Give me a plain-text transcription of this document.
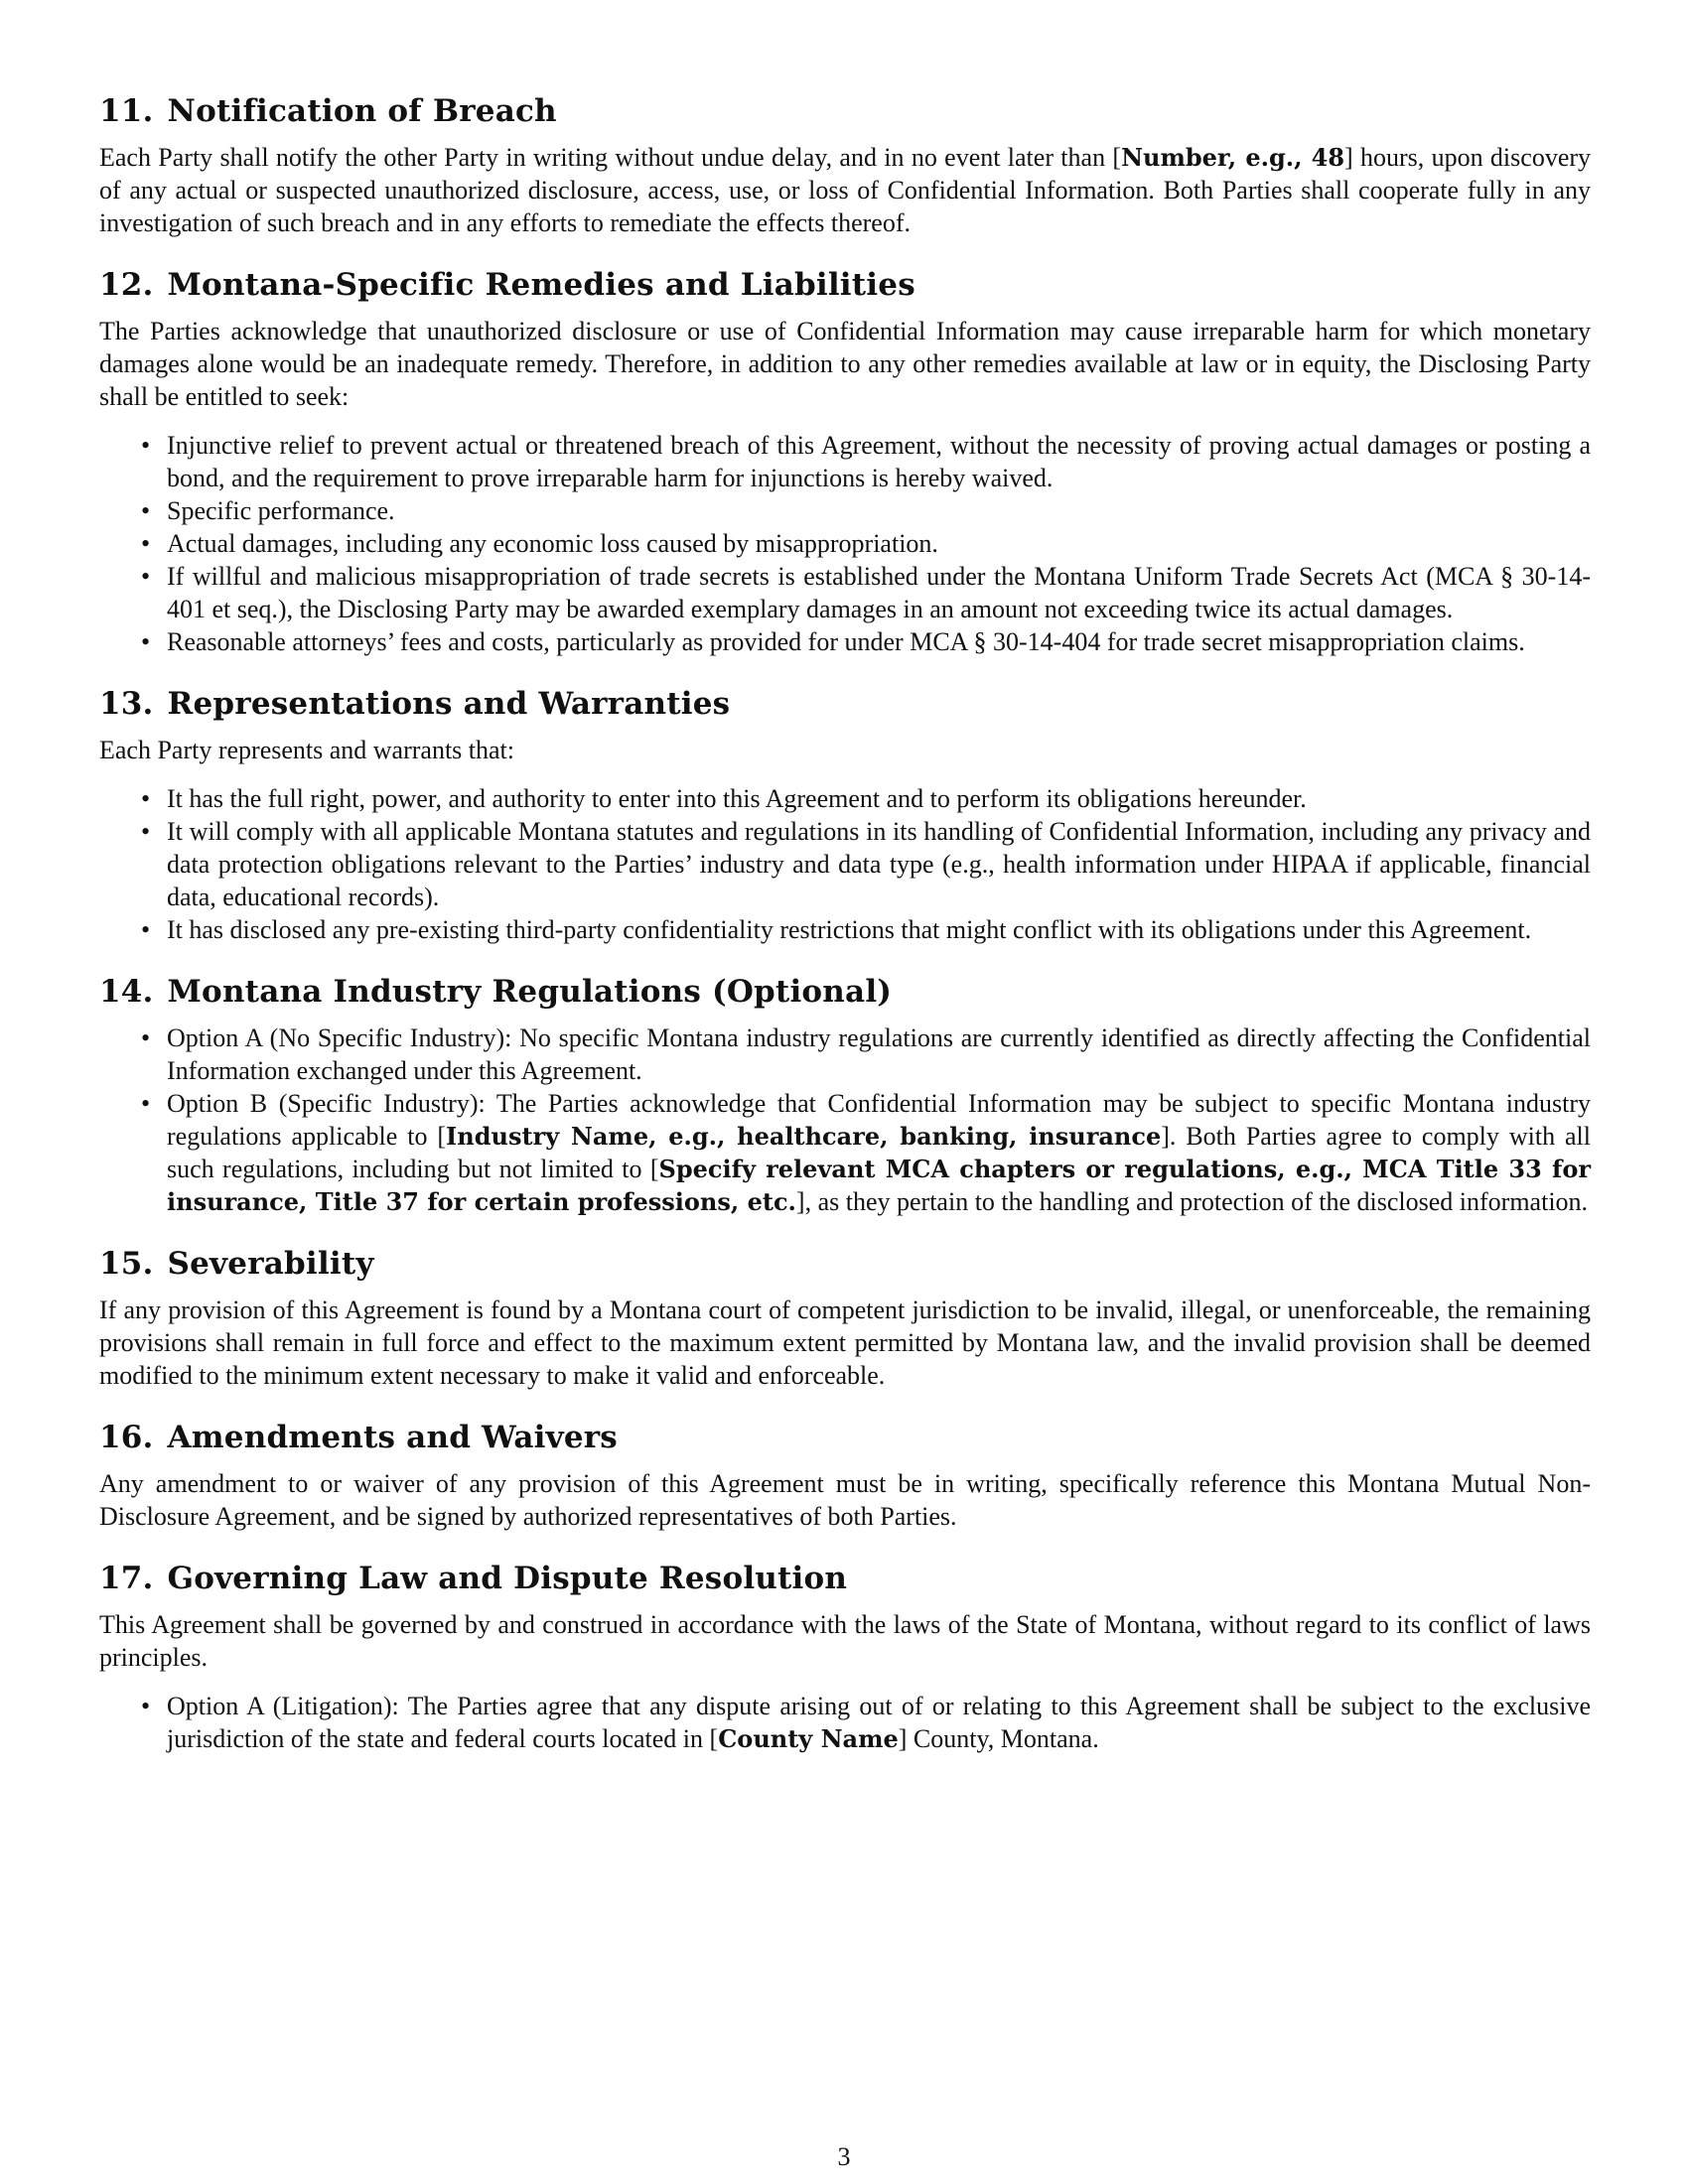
11. Notification of Breach

Each Party shall notify the other Party in writing without undue delay, and in no event later than [Number, e.g., 48] hours, upon discovery of any actual or suspected unauthorized disclosure, access, use, or loss of Confidential Information. Both Parties shall cooperate fully in any investigation of such breach and in any efforts to remediate the effects thereof.

12. Montana-Specific Remedies and Liabilities

The Parties acknowledge that unauthorized disclosure or use of Confidential Information may cause irreparable harm for which monetary damages alone would be an inadequate remedy. Therefore, in addition to any other remedies available at law or in equity, the Disclosing Party shall be entitled to seek:

• Injunctive relief to prevent actual or threatened breach of this Agreement, without the necessity of proving actual damages or posting a bond, and the requirement to prove irreparable harm for injunctions is hereby waived.
• Specific performance.
• Actual damages, including any economic loss caused by misappropriation.
• If willful and malicious misappropriation of trade secrets is established under the Montana Uniform Trade Secrets Act (MCA § 30-14-401 et seq.), the Disclosing Party may be awarded exemplary damages in an amount not exceeding twice its actual damages.
• Reasonable attorneys’ fees and costs, particularly as provided for under MCA § 30-14-404 for trade secret misappropriation claims.
13. Representations and Warranties

Each Party represents and warrants that:

• It has the full right, power, and authority to enter into this Agreement and to perform its obligations hereunder.
• It will comply with all applicable Montana statutes and regulations in its handling of Confidential Information, including any privacy and data protection obligations relevant to the Parties’ industry and data type (e.g., health information under HIPAA if applicable, financial data, educational records).
• It has disclosed any pre-existing third-party confidentiality restrictions that might conflict with its obligations under this Agreement.
14. Montana Industry Regulations (Optional)
• Option A (No Specific Industry): No specific Montana industry regulations are currently identified as directly affecting the Confidential Information exchanged under this Agreement.
• Option B (Specific Industry): The Parties acknowledge that Confidential Information may be subject to specific Montana industry regulations applicable to [Industry Name, e.g., healthcare, banking, insurance]. Both Parties agree to comply with all such regulations, including but not limited to [Specify relevant MCA chapters or regulations, e.g., MCA Title 33 for insurance, Title 37 for certain professions, etc.], as they pertain to the handling and protection of the disclosed information.
15. Severability

If any provision of this Agreement is found by a Montana court of competent jurisdiction to be invalid, illegal, or unenforceable, the remaining provisions shall remain in full force and effect to the maximum extent permitted by Montana law, and the invalid provision shall be deemed modified to the minimum extent necessary to make it valid and enforceable.

16. Amendments and Waivers

Any amendment to or waiver of any provision of this Agreement must be in writing, specifically reference this Montana Mutual Non-Disclosure Agreement, and be signed by authorized representatives of both Parties.

17. Governing Law and Dispute Resolution

This Agreement shall be governed by and construed in accordance with the laws of the State of Montana, without regard to its conflict of laws principles.

• Option A (Litigation): The Parties agree that any dispute arising out of or relating to this Agreement shall be subject to the exclusive jurisdiction of the state and federal courts located in [County Name] County, Montana.
3
